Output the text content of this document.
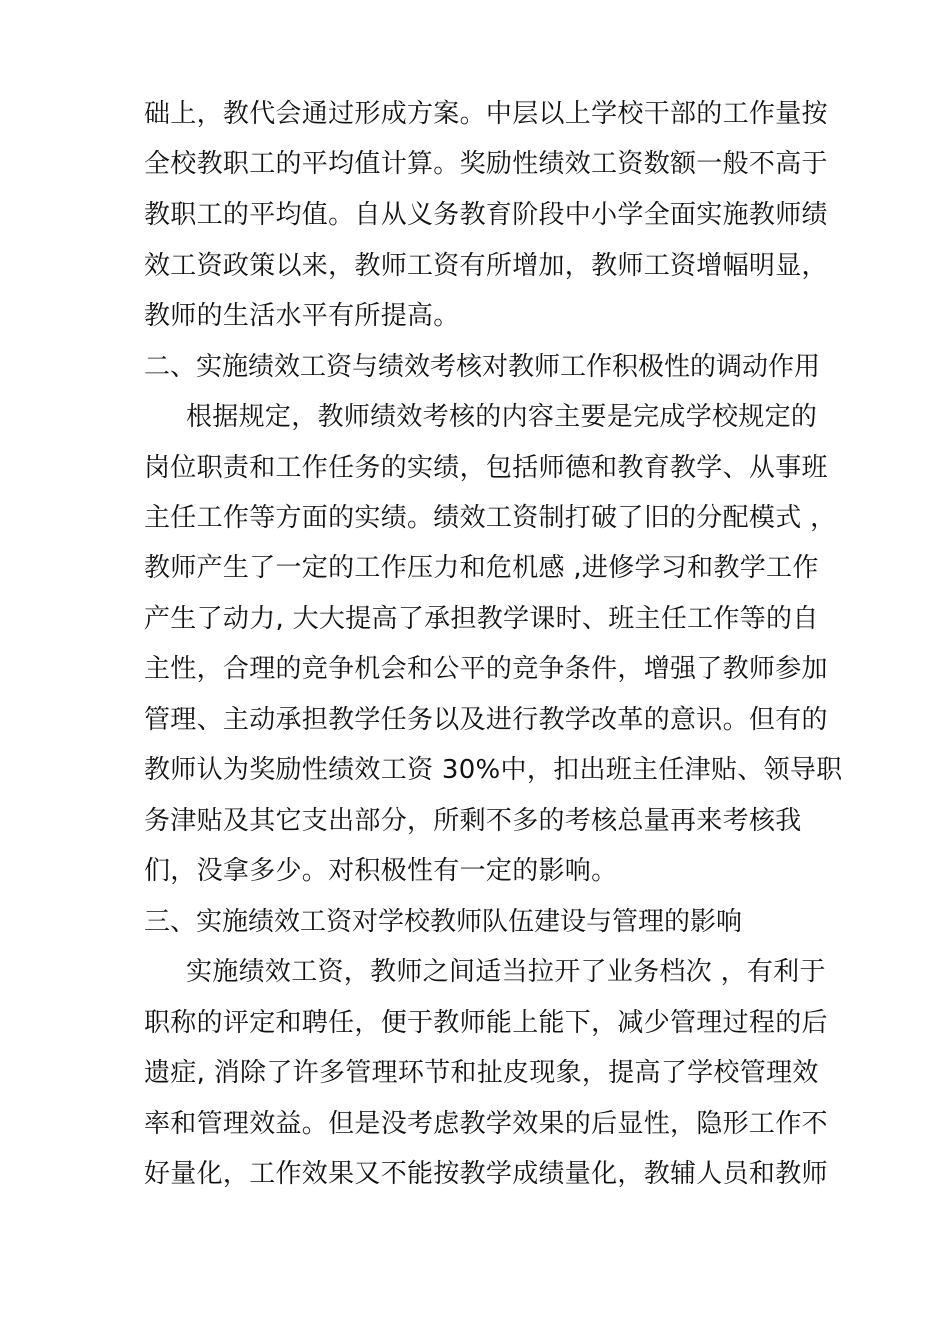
础上，教代会通过形成方案。中层以上学校干部的工作量按
全校教职工的平均值计算。奖励性绩效工资数额一般不高于
教职工的平均值。自从义务教育阶段中小学全面实施教师绩
效工资政策以来，教师工资有所增加，教师工资增幅明显，
教师的生活水平有所提高。
二、实施绩效工资与绩效考核对教师工作积极性的调动作用
根据规定，教师绩效考核的内容主要是完成学校规定的
岗位职责和工作任务的实绩，包括师德和教育教学、从事班
主任工作等方面的实绩。绩效工资制打破了旧的分配模式 ，
教师产生了一定的工作压力和危机感 ,进修学习和教学工作
产生了动力, 大大提高了承担教学课时、班主任工作等的自
主性，合理的竞争机会和公平的竞争条件，增强了教师参加
管理、主动承担教学任务以及进行教学改革的意识。但有的
教师认为奖励性绩效工资 30%中，扣出班主任津贴、领导职
务津贴及其它支出部分，所剩不多的考核总量再来考核我
们，没拿多少。对积极性有一定的影响。
三、实施绩效工资对学校教师队伍建设与管理的影响
实施绩效工资，教师之间适当拉开了业务档次 ，有利于
职称的评定和聘任，便于教师能上能下，减少管理过程的后
遗症, 消除了许多管理环节和扯皮现象，提高了学校管理效
率和管理效益。但是没考虑教学效果的后显性，隐形工作不
好量化，工作效果又不能按教学成绩量化，教辅人员和教师
